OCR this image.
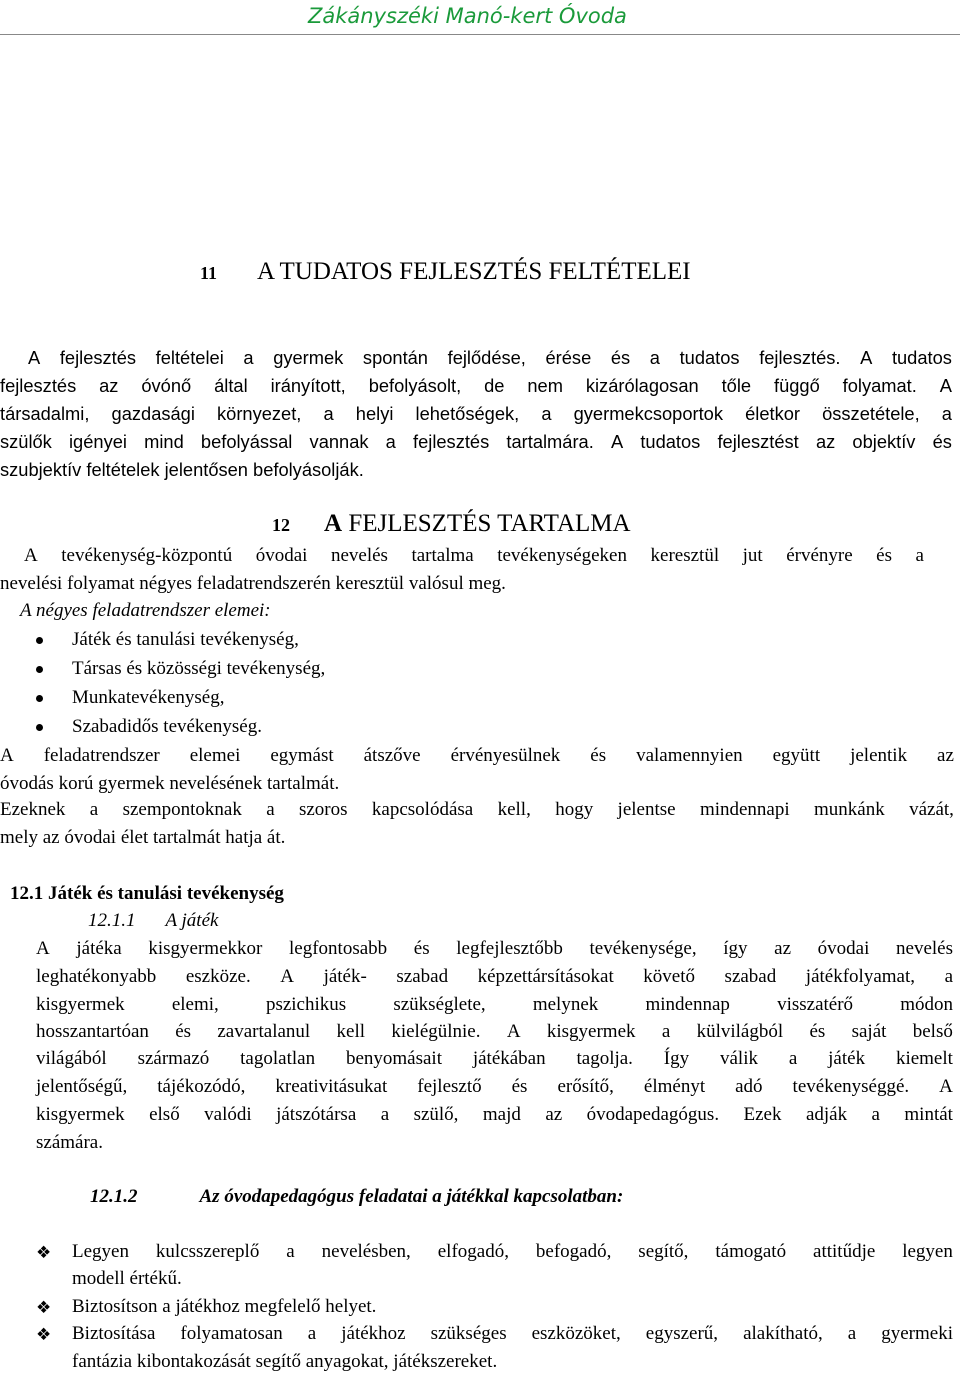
Zákányszéki Manó-kert Óvoda
11 A TUDATOS FEJLESZTÉS FELTÉTELEI
A fejlesztés feltételei a gyermek spontán fejlődése, érése és a tudatos fejlesztés. A tudatos
fejlesztés az óvónő által irányított, befolyásolt, de nem kizárólagosan tőle függő folyamat. A
társadalmi, gazdasági környezet, a helyi lehetőségek, a gyermekcsoportok életkor összetétele, a
szülők igényei mind befolyással vannak a fejlesztés tartalmára. A tudatos fejlesztést az objektív és
szubjektív feltételek jelentősen befolyásolják.
12 A FEJLESZTÉS TARTALMA
A tevékenység-központú óvodai nevelés tartalma tevékenységeken keresztül jut érvényre és a
nevelési folyamat négyes feladatrendszerén keresztül valósul meg.
A négyes feladatrendszer elemei:
Játék és tanulási tevékenység,
Társas és közösségi tevékenység,
Munkatevékenység,
Szabadidős tevékenység.
A feladatrendszer elemei egymást átszőve érvényesülnek és valamennyien együtt jelentik az
óvodás korú gyermek nevelésének tartalmát.
Ezeknek a szempontoknak a szoros kapcsolódása kell, hogy jelentse mindennapi munkánk vázát,
mely az óvodai élet tartalmát hatja át.
12.1 Játék és tanulási tevékenység
12.1.1 A játék
A játéka kisgyermekkor legfontosabb és legfejlesztőbb tevékenysége, így az óvodai nevelés
leghatékonyabb eszköze. A játék- szabad képzettársításokat követő szabad játékfolyamat, a
kisgyermek elemi, pszichikus szükséglete, melynek mindennap visszatérő módon
hosszantartóan és zavartalanul kell kielégülnie. A kisgyermek a külvilágból és saját belső
világából származó tagolatlan benyomásait játékában tagolja. Így válik a játék kiemelt
jelentőségű, tájékozódó, kreativitásukat fejlesztő és erősítő, élményt adó tevékenységgé. A
kisgyermek első valódi játszótársa a szülő, majd az óvodapedagógus. Ezek adják a mintát
számára.
12.1.2	Az óvodapedagógus feladatai a játékkal kapcsolatban:
❖ Legyen kulcsszereplő a nevelésben, elfogadó, befogadó, segítő, támogató attitűdje legyen
modell értékű.
❖ Biztosítson a játékhoz megfelelő helyet.
❖ Biztosítása folyamatosan a játékhoz szükséges eszközöket, egyszerű, alakítható, a gyermeki
fantázia kibontakozását segítő anyagokat, játékszereket.
